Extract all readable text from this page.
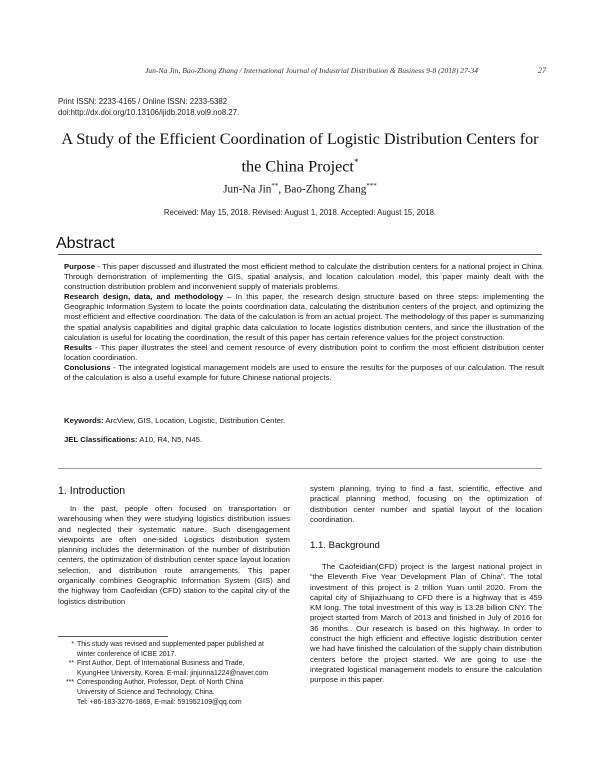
Jun-Na Jin, Bao-Zhong Zhang / International Journal of Industrial Distribution & Business 9-8 (2018) 27-34	27
Print ISSN: 2233-4165 / Online ISSN: 2233-5382
doi:http://dx.doi.org/10.13106/ijidb.2018.vol9.no8.27.
A Study of the Efficient Coordination of Logistic Distribution Centers for
the China Project*
Jun-Na Jin**, Bao-Zhong Zhang***
Received: May 15, 2018. Revised: August 1, 2018. Accepted: August 15, 2018.
Abstract

Purpose - This paper discussed and illustrated the most efficient method to calculate the distribution centers for a national project in China. Through demonstration of implementing the GIS, spatial analysis, and location calculation model, this paper mainly dealt with the construction distribution problem and inconvenient supply of materials problems.

Research design, data, and methodology – In this paper, the research design structure based on three steps: implementing the Geographic Information System to locate the points coordination data, calculating the distribution centers of the project, and optimizing the most efficient and effective coordination. The data of the calculation is from an actual project. The methodology of this paper is summarizing the spatial analysis capabilities and digital graphic data calculation to locate logistics distribution centers, and since the illustration of the calculation is useful for locating the coordination, the result of this paper has certain reference values for the project construction.

Results - This paper illustrates the steel and cement resource of every distribution point to confirm the most efficient distribution center location coordination.

Conclusions - The integrated logistical management models are used to ensure the results for the purposes of our calculation. The result of the calculation is also a useful example for future Chinese national projects.

Keywords: ArcView, GIS, Location, Logistic, Distribution Center.
JEL Classifications: A10, R4, N5, N45.
1. Introduction

In the past, people often focused on transportation or warehousing when they were studying logistics distribution issues and neglected their systematic nature. Such disengagement viewpoints are often one-sided Logistics distribution system planning includes the determination of the number of distribution centers, the optimization of distribution center space layout location selection, and distribution route arrangements. This paper organically combines Geographic Information System (GIS) and the highway from Caofeidian (CFD) station to the capital city of the logistics distribution

system planning, trying to find a fast, scientific, effective and practical planning method, focusing on the optimization of distribution center number and spatial layout of the location coordination.

1.1. Background

The Caofeidian(CFD) project is the largest national project in “the Eleventh Five Year Development Plan of China”. The total investment of this project is 2 trillion Yuan until 2020. From the capital city of Shijiazhuang to CFD there is a highway that is 459 KM long. The total investment of this way is 13.28 billion CNY. The project started from March of 2013 and finished in July of 2016 for 36 months.. Our research is based on this highway. In order to construct the high efficient and effective logistic distribution center we had have finished the calculation of the supply chain distribution centers before the project started. We are going to use the integrated logistical management models to ensure the calculation purpose in this paper.

* This study was revised and supplemented paper published at
winter conference of ICBE 2017.
** First Author, Dept. of International Business and Trade,
KyungHee University, Korea. E-mail: jinjunna1224@naver.com
*** Corresponding Author, Professor, Dept. of North China
University of Science and Technology, China.
Tel: +86-183-3276-1869, E-mail: 591952109@qq.com
